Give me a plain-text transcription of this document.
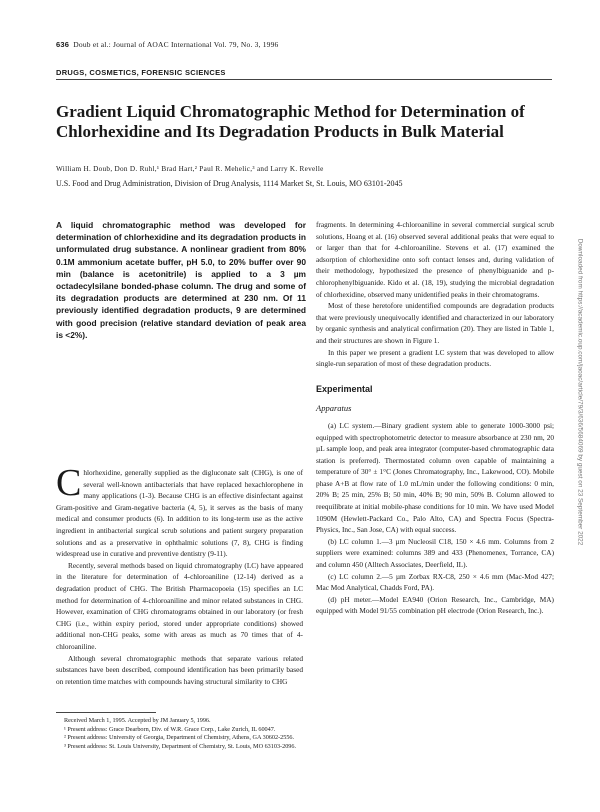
636 Doub et al.: Journal of AOAC International Vol. 79, No. 3, 1996
DRUGS, COSMETICS, FORENSIC SCIENCES
Gradient Liquid Chromatographic Method for Determination of Chlorhexidine and Its Degradation Products in Bulk Material
William H. Doub, Don D. Ruhl,¹ Brad Hart,² Paul R. Mehelic,³ and Larry K. Revelle
U.S. Food and Drug Administration, Division of Drug Analysis, 1114 Market St, St. Louis, MO 63101-2045
A liquid chromatographic method was developed for determination of chlorhexidine and its degradation products in unformulated drug substance. A nonlinear gradient from 80% 0.1M ammonium acetate buffer, pH 5.0, to 20% buffer over 90 min (balance is acetonitrile) is applied to a 3 µm octadecylsilane bonded-phase column. The drug and some of its degradation products are determined at 230 nm. Of 11 previously identified degradation products, 9 are determined with good precision (relative standard deviation of peak area is <2%).

Chlorhexidine, generally supplied as the digluconate salt (CHG), is one of several well-known antibacterials that have replaced hexachlorophene in many applications (1-3). Because CHG is an effective disinfectant against Gram-positive and Gram-negative bacteria (4, 5), it serves as the basis of many medical and consumer products (6). In addition to its long-term use as the active ingredient in antibacterial surgical scrub solutions and patient surgery preparation solutions and as a preservative in ophthalmic solutions (7, 8), CHG is finding widespread use in curative and preventive dentistry (9-11).

Recently, several methods based on liquid chromatography (LC) have appeared in the literature for determination of 4-chloroaniline (12-14) derived as a degradation product of CHG. The British Pharmacopoeia (15) specifies an LC method for determination of 4-chloroaniline and minor related substances in CHG. However, examination of CHG chromatograms obtained in our laboratory (or fresh CHG (i.e., within expiry period, stored under appropriate conditions) showed additional non-CHG peaks, some with areas as much as 70 times that of 4-chloroaniline.

Although several chromatographic methods that separate various related substances have been described, compound identification has been primarily based on retention time matches with compounds having structural similarity to CHG

Received March 1, 1995. Accepted by JM January 5, 1996.

¹ Present address: Grace Dearborn, Div. of W.R. Grace Corp., Lake Zurich, IL 60047.

² Present address: University of Georgia, Department of Chemistry, Athens, GA 30602-2556.

³ Present address: St. Louis University, Department of Chemistry, St. Louis, MO 63103-2096.

fragments. In determining 4-chloroaniline in several commercial surgical scrub solutions, Hoang et al. (16) observed several additional peaks that were equal to or larger than that for 4-chloroaniline. Stevens et al. (17) examined the adsorption of chlorhexidine onto soft contact lenses and, during validation of their methodology, hypothesized the presence of phenylbiguanide and p-chlorophenylbiguanide. Kido et al. (18, 19), studying the microbial degradation of chlorhexidine, observed many unidentified peaks in their chromatograms.

Most of these heretofore unidentified compounds are degradation products that were previously unequivocally identified and characterized in our laboratory by organic synthesis and analytical confirmation (20). They are listed in Table 1, and their structures are shown in Figure 1.

In this paper we present a gradient LC system that was developed to allow single-run separation of most of these degradation products.

Experimental
Apparatus

(a) LC system.—Binary gradient system able to generate 1000-3000 psi; equipped with spectrophotometric detector to measure absorbance at 230 nm, 20 µL sample loop, and peak area integrator (computer-based chromatographic data station is preferred). Thermostated column oven capable of maintaining a temperature of 30° ± 1°C (Jones Chromatography, Inc., Lakewood, CO). Mobile phase A+B at flow rate of 1.0 mL/min under the following conditions: 0 min, 20% B; 25 min, 25% B; 50 min, 40% B; 90 min, 50% B. Column allowed to reequilibrate at initial mobile-phase conditions for 10 min. We have used Model 1090M (Hewlett-Packard Co., Palo Alto, CA) and Spectra Focus (Spectra-Physics, Inc., San Jose, CA) with equal success.

(b) LC column 1.—3 µm Nucleosil C18, 150 × 4.6 mm. Columns from 2 suppliers were examined: columns 389 and 433 (Phenomenex, Torrance, CA) and column 450 (Alltech Associates, Deerfield, IL).

(c) LC column 2.—5 µm Zorbax RX-C8, 250 × 4.6 mm (Mac-Mod 427; Mac Mod Analytical, Chadds Ford, PA).

(d) pH meter.—Model EA940 (Orion Research, Inc., Cambridge, MA) equipped with Model 91/55 combination pH electrode (Orion Research, Inc.).

Downloaded from https://academic.oup.com/jaoac/article/79/3/636/5684069 by guest on 23 September 2022
